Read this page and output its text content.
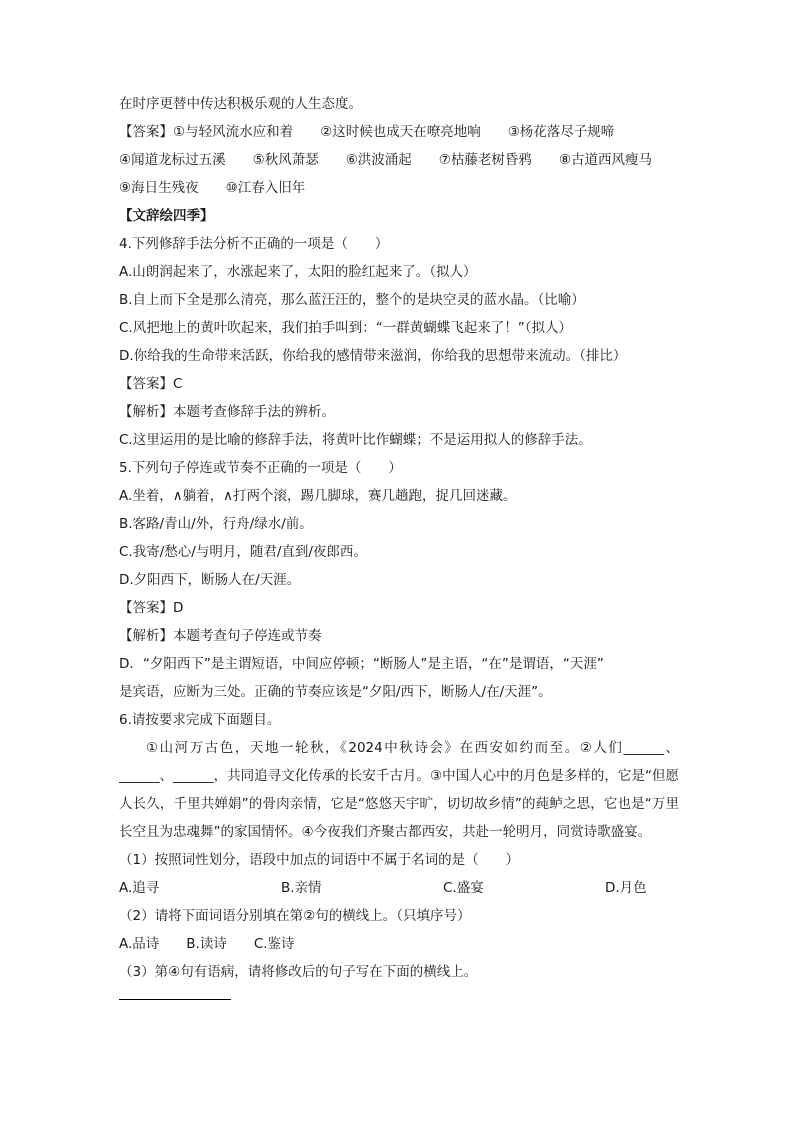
在时序更替中传达积极乐观的人生态度。
【答案】①与轻风流水应和着　　②这时候也成天在嘹亮地响　　③杨花落尽子规啼
④闻道龙标过五溪　　⑤秋风萧瑟　　⑥洪波涌起　　⑦枯藤老树昏鸦　　⑧古道西风瘦马
⑨海日生残夜　　⑩江春入旧年
【文辞绘四季】
4.下列修辞手法分析不正确的一项是（　　）
A.山朗润起来了，水涨起来了，太阳的脸红起来了。（拟人）
B.自上而下全是那么清亮，那么蓝汪汪的，整个的是块空灵的蓝水晶。（比喻）
C.风把地上的黄叶吹起来，我们拍手叫到：“一群黄蝴蝶飞起来了！”（拟人）
D.你给我的生命带来活跃，你给我的感情带来滋润，你给我的思想带来流动。（排比）
【答案】C
【解析】本题考查修辞手法的辨析。
C.这里运用的是比喻的修辞手法，将黄叶比作蝴蝶；不是运用拟人的修辞手法。
5.下列句子停连或节奏不正确的一项是（　　）
A.坐着，∧躺着，∧打两个滚，踢几脚球，赛几趟跑，捉几回迷藏。
B.客路/青山/外，行舟/绿水/前。
C.我寄/愁心/与明月，随君/直到/夜郎西。
D.夕阳西下，断肠人在/天涯。
【答案】D
【解析】本题考查句子停连或节奏
D．“夕阳西下”是主谓短语，中间应停顿；“断肠人”是主语，“在”是谓语，“天涯”
是宾语，应断为三处。正确的节奏应该是“夕阳/西下，断肠人/在/天涯”。
6.请按要求完成下面题目。
①山河万古色，天地一轮秋，《2024中秋诗会》在西安如约而至。②人们______、______、______，共同追寻文化传承的长安千古月。③中国人心中的月色是多样的，它是“但愿人长久，千里共婵娟”的骨肉亲情，它是“悠悠天宇旷，切切故乡情”的莼鲈之思，它也是“万里长空且为忠魂舞”的家国情怀。④今夜我们齐聚古都西安，共赴一轮明月，同赏诗歌盛宴。
（1）按照词性划分，语段中加点的词语中不属于名词的是（　　）
A.追寻	B.亲情	C.盛宴	D.月色
（2）请将下面词语分别填在第②句的横线上。（只填序号）
A.品诗　　B.读诗　　C.鉴诗
（3）第④句有语病，请将修改后的句子写在下面的横线上。
